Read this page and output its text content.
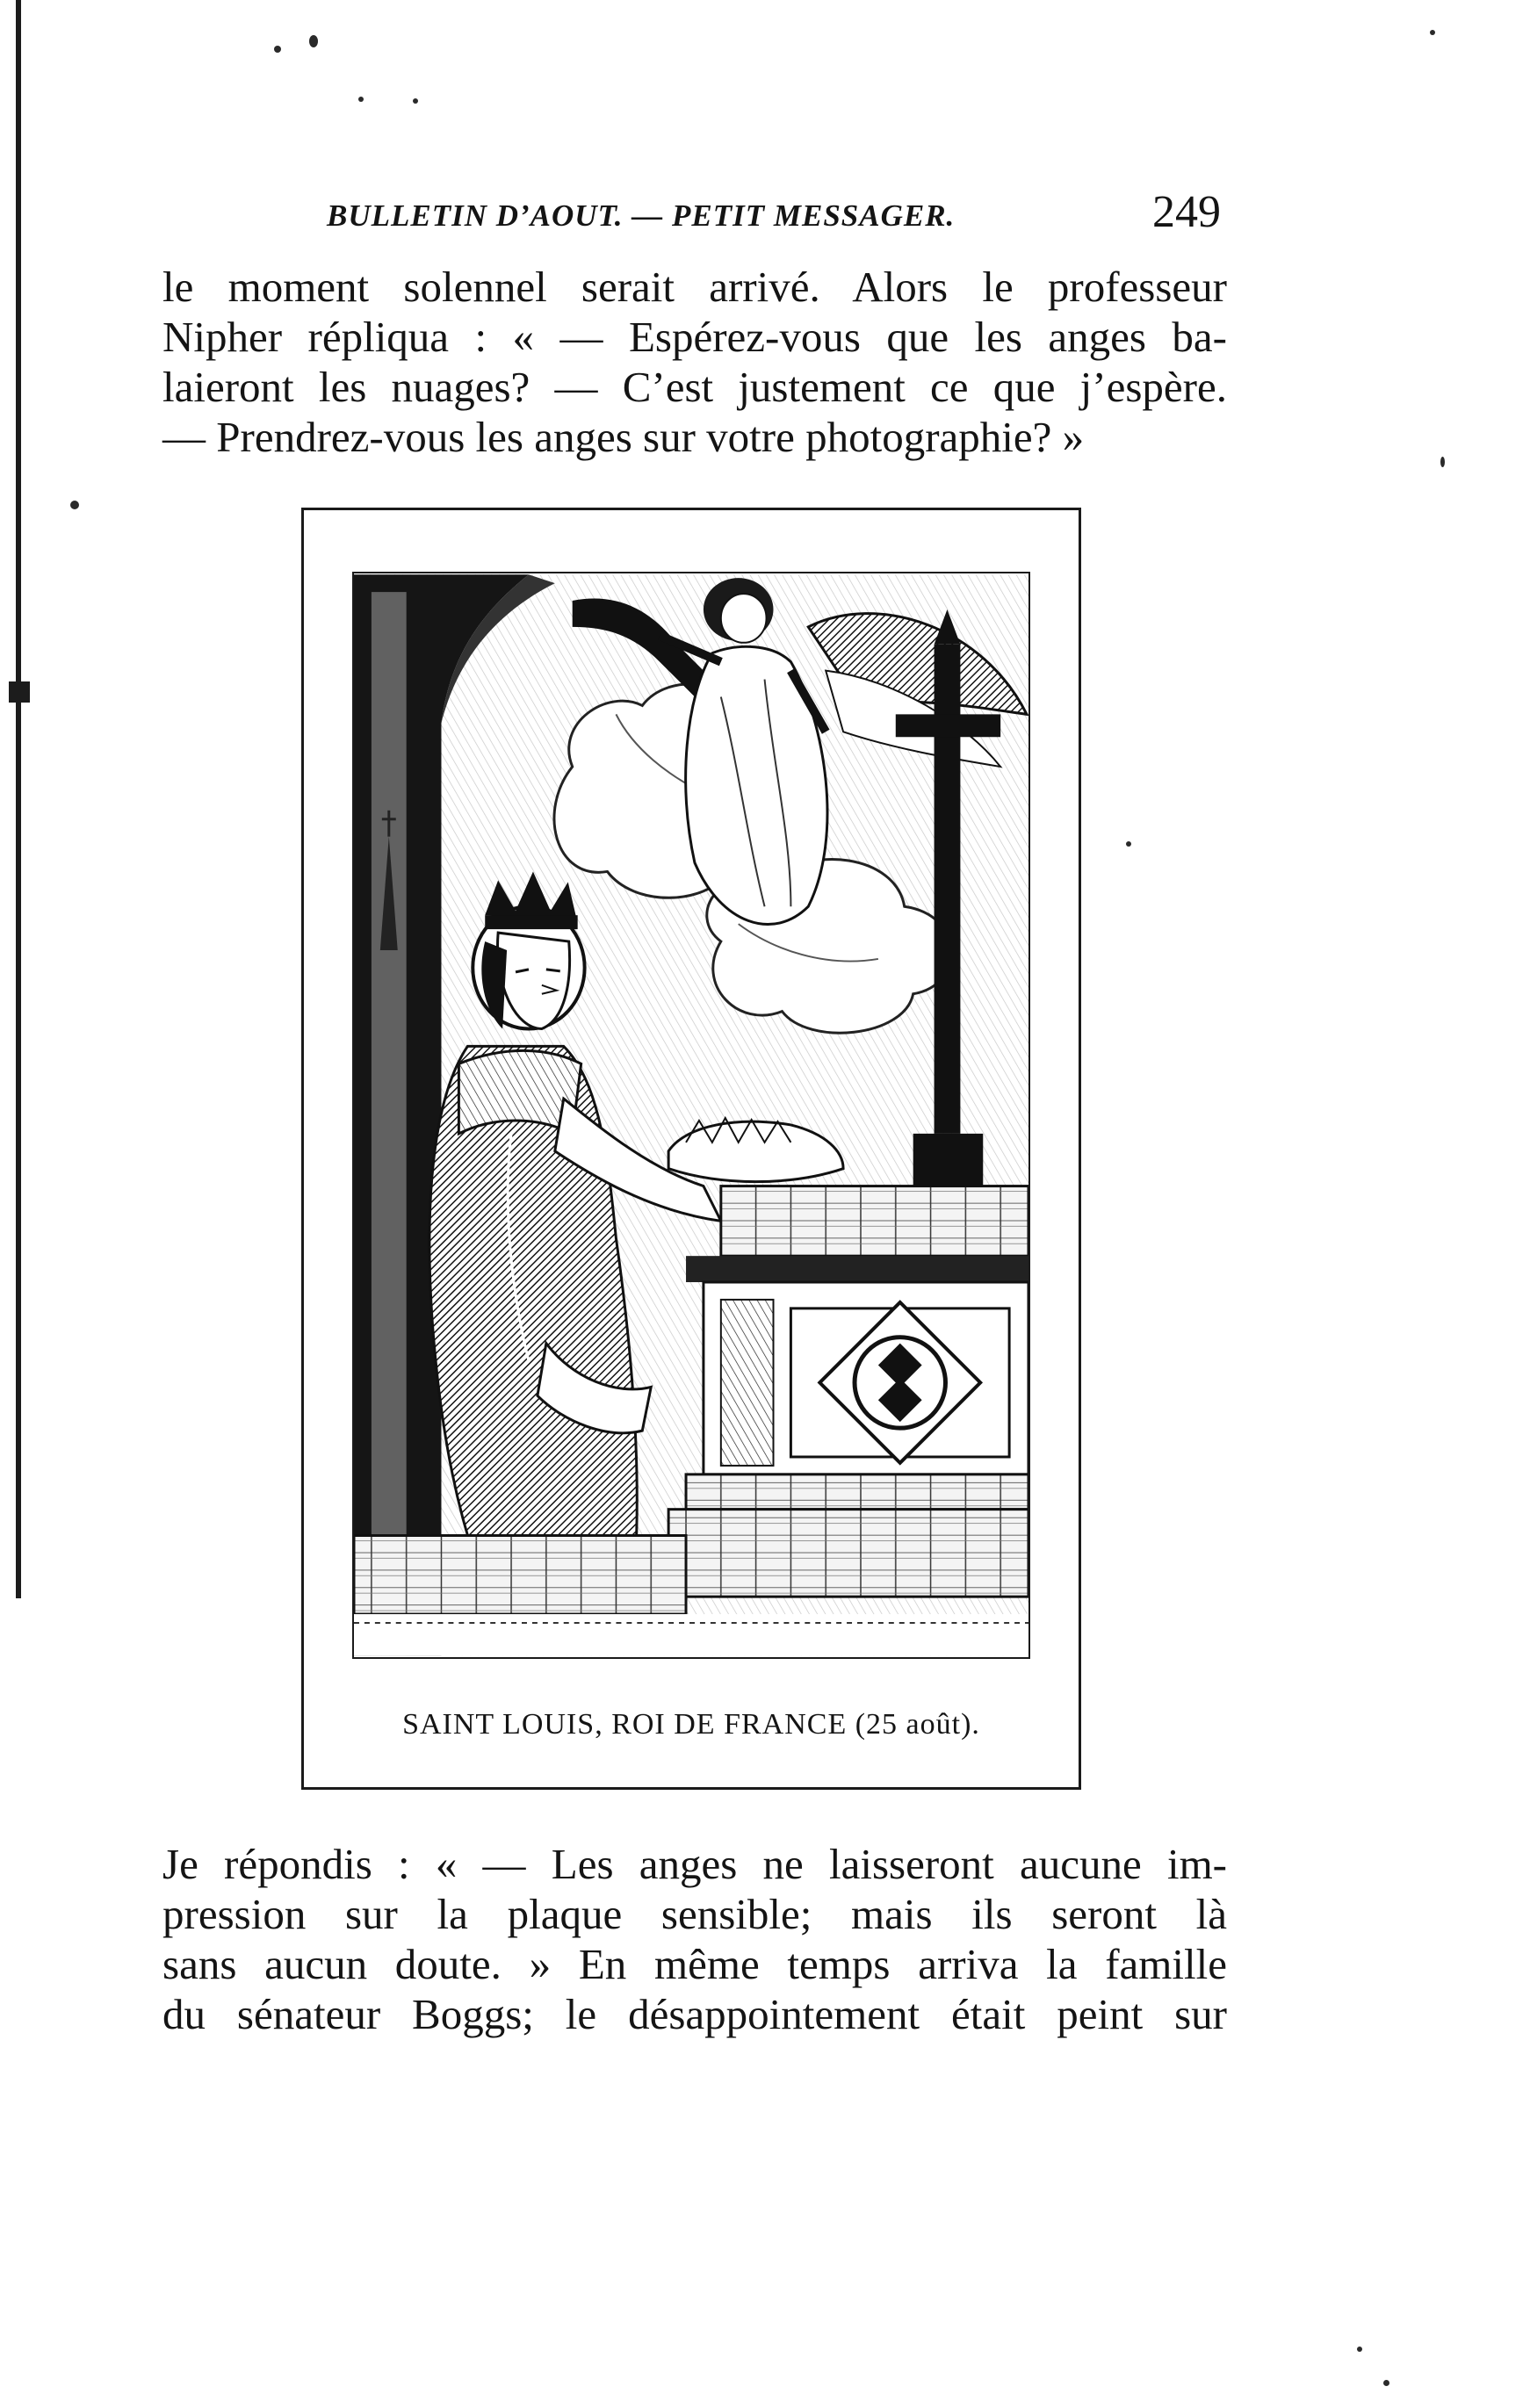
BULLETIN D’AOUT. — PETIT MESSAGER.	249

le moment solennel serait arrivé. Alors le professeur
Nipher répliqua : « — Espérez-vous que les anges ba-
laieront les nuages? — C’est justement ce que j’espère.
— Prendrez-vous les anges sur votre photographie? »

SAINT LOUIS, ROI DE FRANCE (25 août).

Je répondis : « — Les anges ne laisseront aucune im-
pression sur la plaque sensible; mais ils seront là
sans aucun doute. » En même temps arriva la famille
du sénateur Boggs; le désappointement était peint sur
